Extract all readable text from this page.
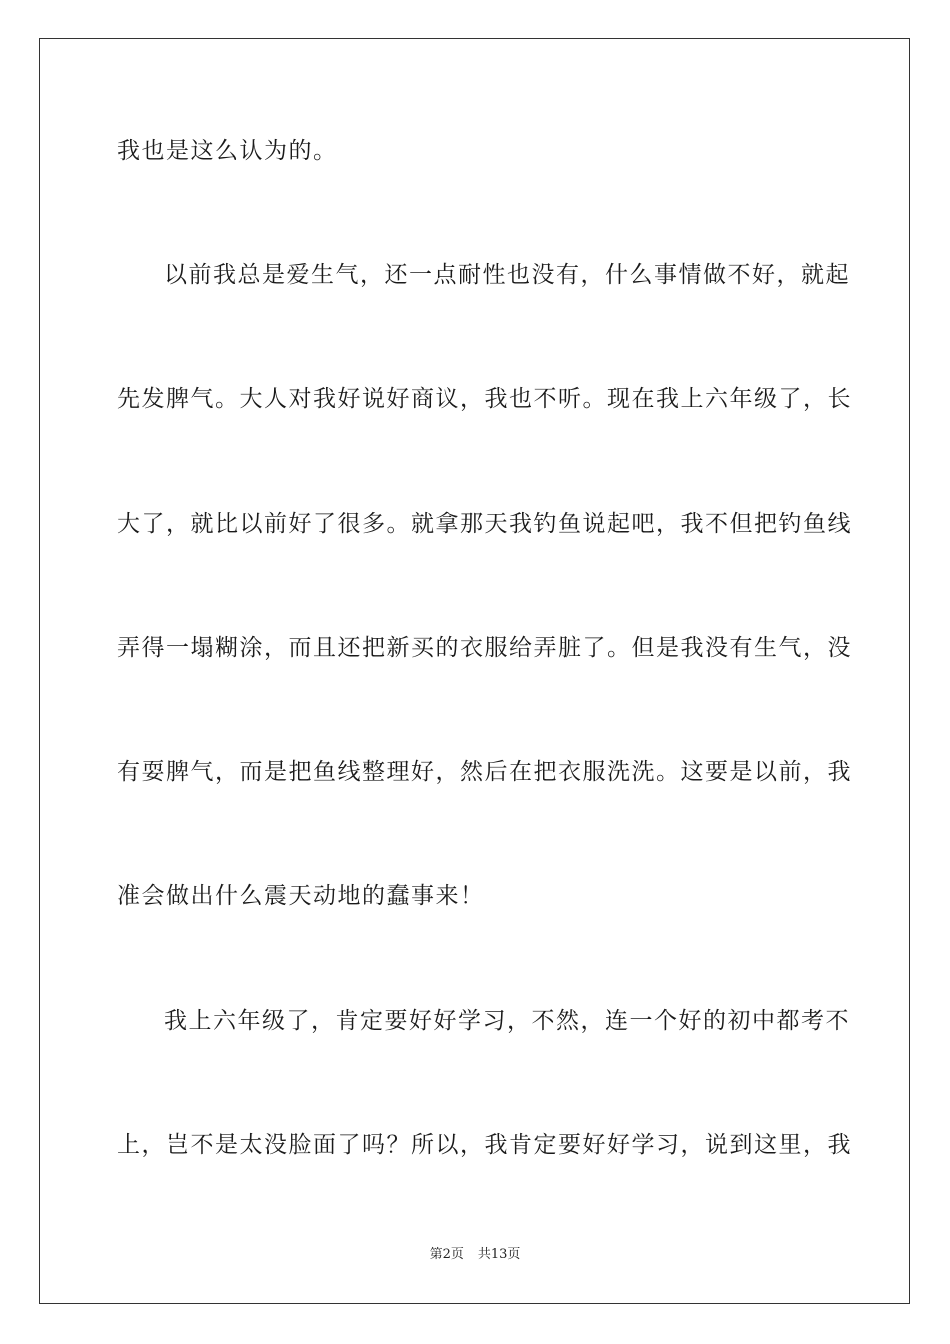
我也是这么认为的。
以前我总是爱生气，还一点耐性也没有，什么事情做不好，就起
先发脾气。大人对我好说好商议，我也不听。现在我上六年级了，长
大了，就比以前好了很多。就拿那天我钓鱼说起吧，我不但把钓鱼线
弄得一塌糊涂，而且还把新买的衣服给弄脏了。但是我没有生气，没
有耍脾气，而是把鱼线整理好，然后在把衣服洗洗。这要是以前，我
准会做出什么震天动地的蠢事来！
我上六年级了，肯定要好好学习，不然，连一个好的初中都考不
上，岂不是太没脸面了吗？所以，我肯定要好好学习，说到这里，我
第2页 共13页
